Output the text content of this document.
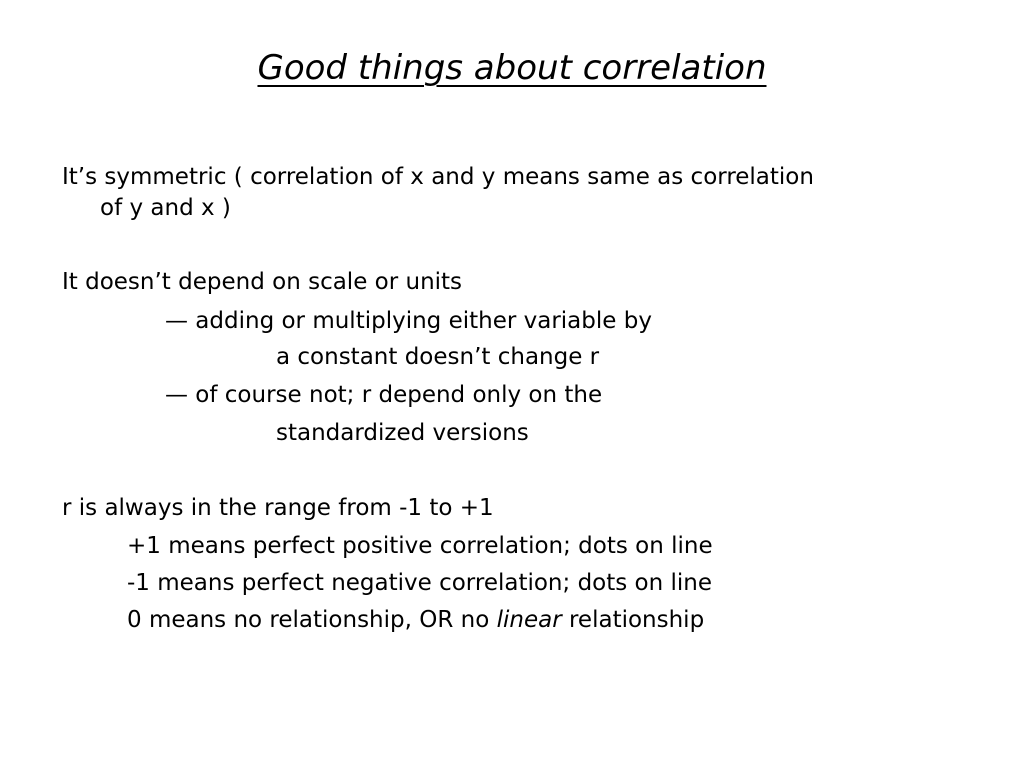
Good things about correlation
It’s symmetric ( correlation of x and y means same as correlation
of y and x )
It doesn’t depend on scale or units
— adding or multiplying either variable by
a constant doesn’t change r
— of course not; r depend only on the
standardized versions
r is always in the range from -1 to +1
+1 means perfect positive correlation; dots on line
-1 means perfect negative correlation; dots on line
0 means no relationship, OR no linear relationship
